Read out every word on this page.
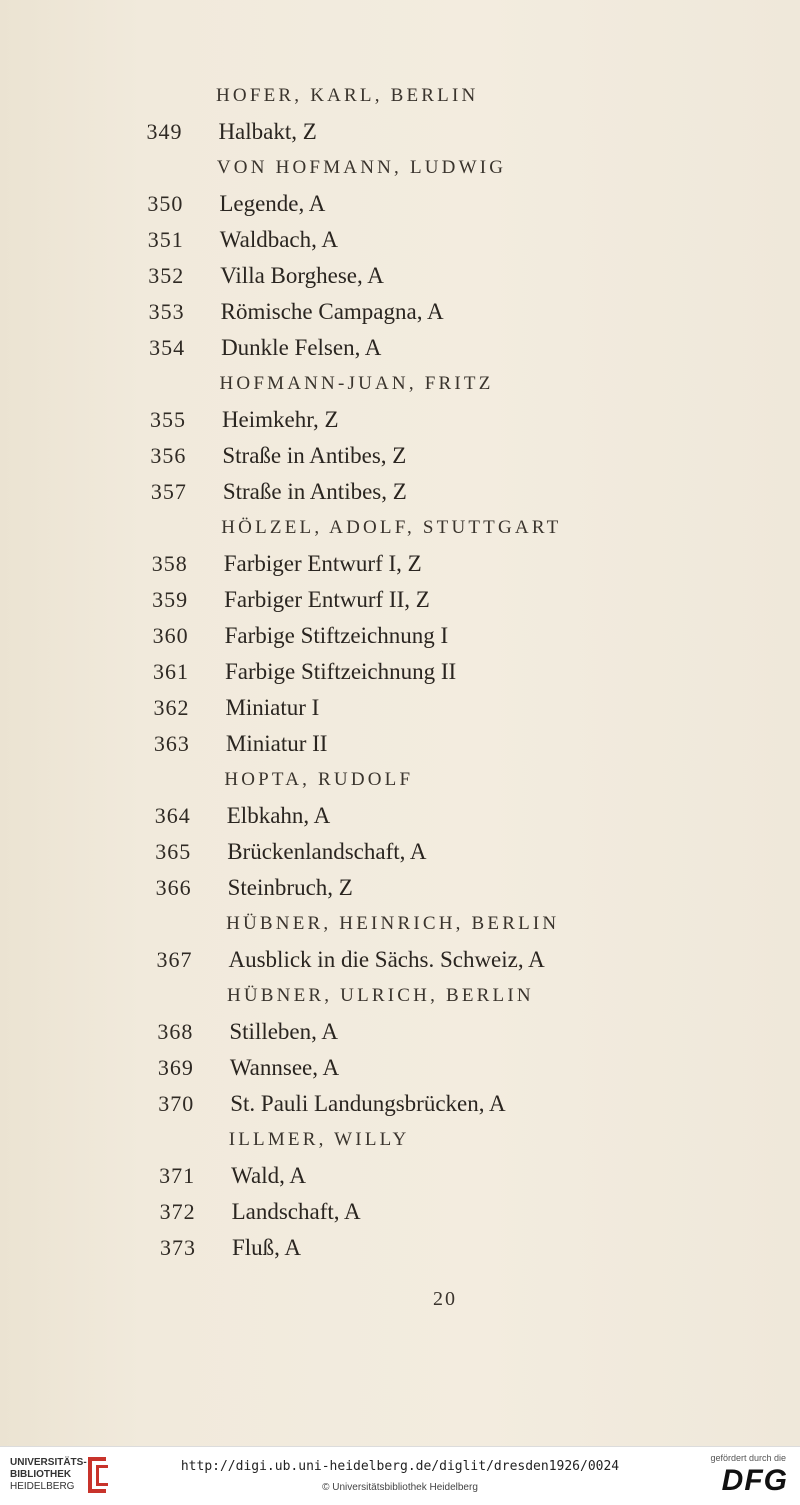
HOFER, KARL, BERLIN
349	Halbakt, Z
VON HOFMANN, LUDWIG
350	Legende, A
351	Waldbach, A
352	Villa Borghese, A
353	Römische Campagna, A
354	Dunkle Felsen, A
HOFMANN-JUAN, FRITZ
355	Heimkehr, Z
356	Straße in Antibes, Z
357	Straße in Antibes, Z
HÖLZEL, ADOLF, STUTTGART
358	Farbiger Entwurf I, Z
359	Farbiger Entwurf II, Z
360	Farbige Stiftzeichnung I
361	Farbige Stiftzeichnung II
362	Miniatur I
363	Miniatur II
HOPTA, RUDOLF
364	Elbkahn, A
365	Brückenlandschaft, A
366	Steinbruch, Z
HÜBNER, HEINRICH, BERLIN
367	Ausblick in die Sächs. Schweiz, A
HÜBNER, ULRICH, BERLIN
368	Stilleben, A
369	Wannsee, A
370	St. Pauli Landungsbrücken, A
ILLMER, WILLY
371	Wald, A
372	Landschaft, A
373	Fluß, A
20
UNIVERSITÄTS-
BIBLIOTHEK
HEIDELBERG
http://digi.ub.uni-heidelberg.de/diglit/dresden1926/0024
© Universitätsbibliothek Heidelberg
gefördert durch die
DFG
